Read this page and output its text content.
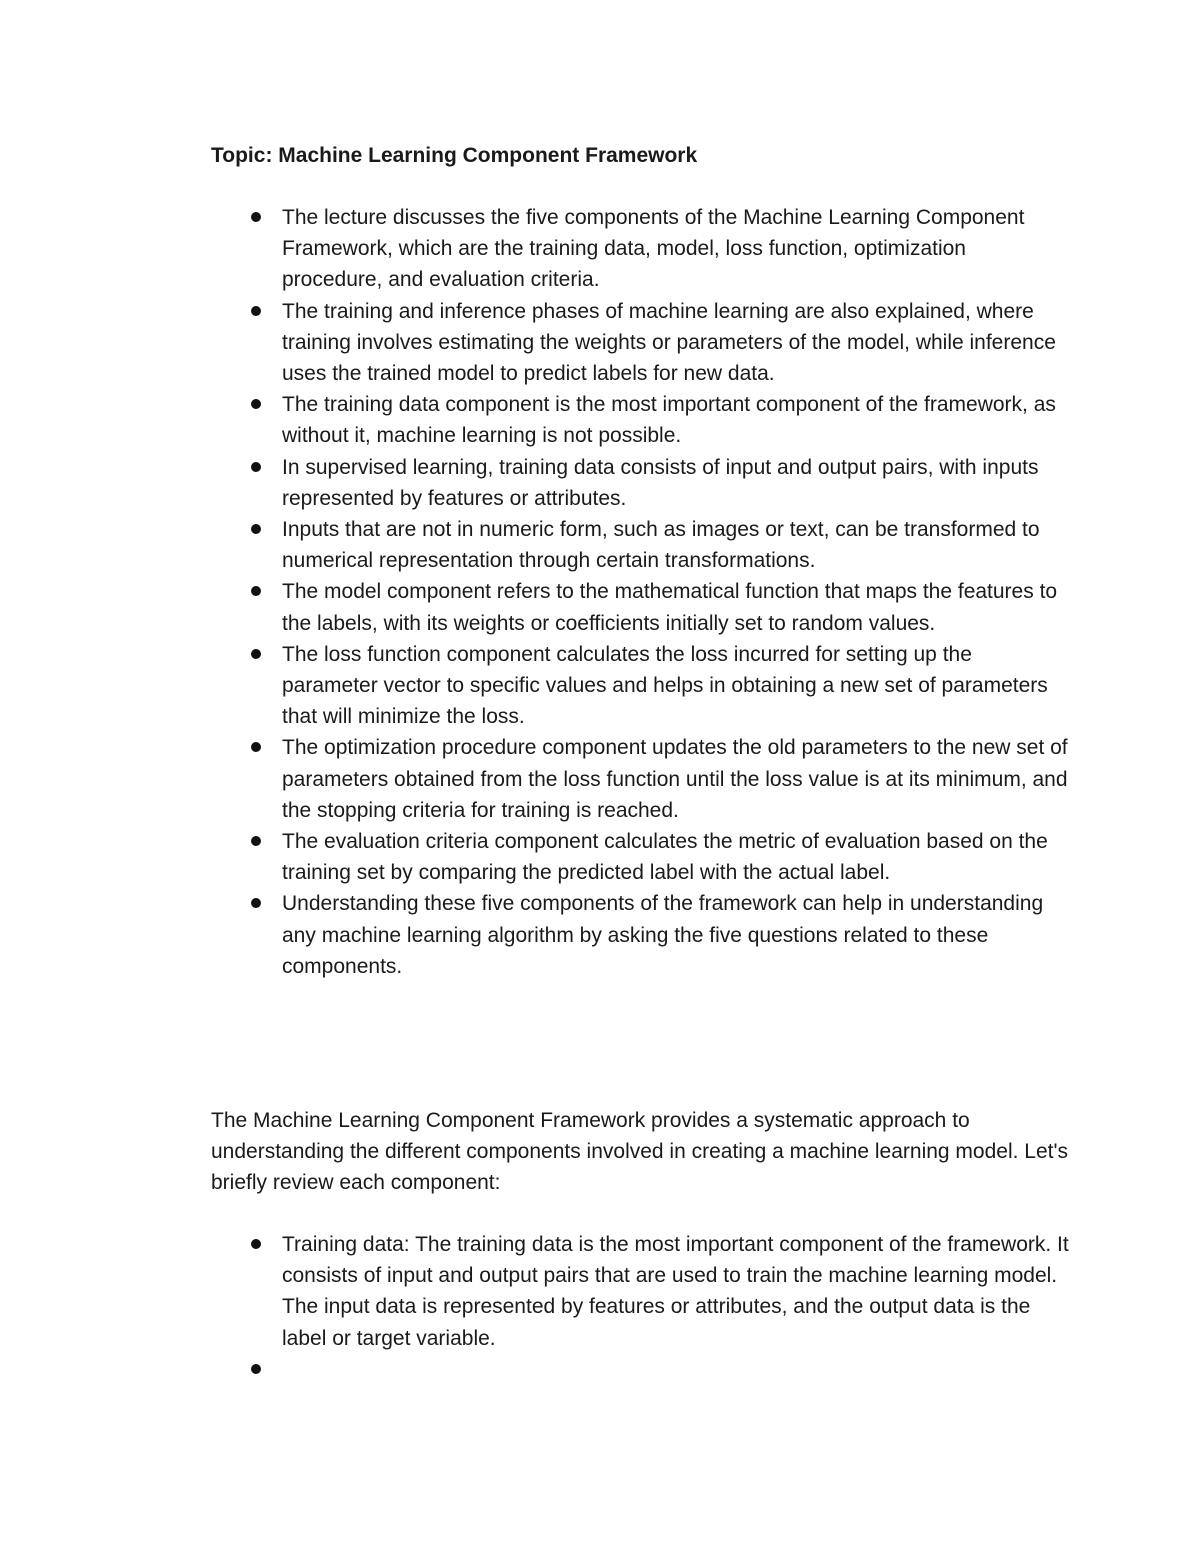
Topic: Machine Learning Component Framework
The lecture discusses the five components of the Machine Learning Component Framework, which are the training data, model, loss function, optimization procedure, and evaluation criteria.
The training and inference phases of machine learning are also explained, where training involves estimating the weights or parameters of the model, while inference uses the trained model to predict labels for new data.
The training data component is the most important component of the framework, as without it, machine learning is not possible.
In supervised learning, training data consists of input and output pairs, with inputs represented by features or attributes.
Inputs that are not in numeric form, such as images or text, can be transformed to numerical representation through certain transformations.
The model component refers to the mathematical function that maps the features to the labels, with its weights or coefficients initially set to random values.
The loss function component calculates the loss incurred for setting up the parameter vector to specific values and helps in obtaining a new set of parameters that will minimize the loss.
The optimization procedure component updates the old parameters to the new set of parameters obtained from the loss function until the loss value is at its minimum, and the stopping criteria for training is reached.
The evaluation criteria component calculates the metric of evaluation based on the training set by comparing the predicted label with the actual label.
Understanding these five components of the framework can help in understanding any machine learning algorithm by asking the five questions related to these components.

The Machine Learning Component Framework provides a systematic approach to understanding the different components involved in creating a machine learning model. Let's briefly review each component:

Training data: The training data is the most important component of the framework. It consists of input and output pairs that are used to train the machine learning model. The input data is represented by features or attributes, and the output data is the label or target variable.
